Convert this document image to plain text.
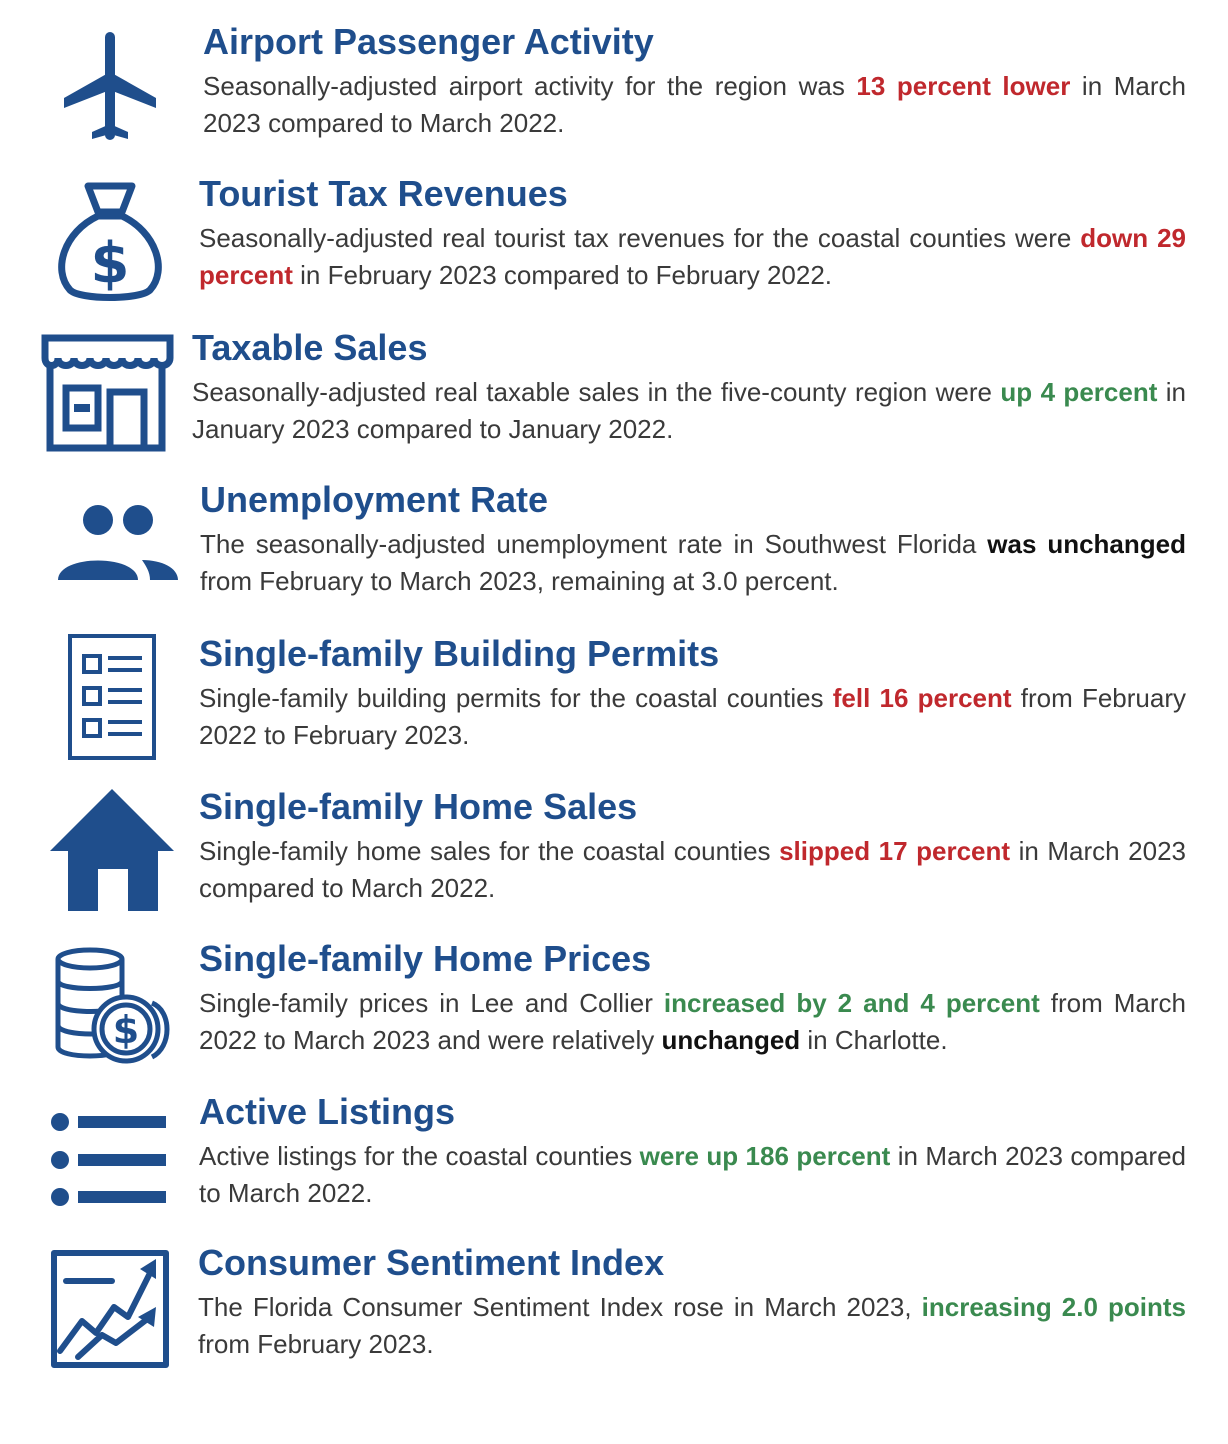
Airport Passenger Activity

Seasonally-adjusted airport activity for the region was 13 percent lower in March 2023 compared to March 2022.

$
Tourist Tax Revenues

Seasonally-adjusted real tourist tax revenues for the coastal counties were down 29 percent in February 2023 compared to February 2022.

Taxable Sales

Seasonally-adjusted real taxable sales in the five-county region were up 4 percent in January 2023 compared to January 2022.

Unemployment Rate

The seasonally-adjusted unemployment rate in Southwest Florida was unchanged from February to March 2023, remaining at 3.0 percent.

Single-family Building Permits

Single-family building permits for the coastal counties fell 16 percent from February 2022 to February 2023.

Single-family Home Sales

Single-family home sales for the coastal counties slipped 17 percent in March 2023 compared to March 2022.

$
Single-family Home Prices

Single-family prices in Lee and Collier increased by 2 and 4 percent from March 2022 to March 2023 and were relatively unchanged in Charlotte.

Active Listings

Active listings for the coastal counties were up 186 percent in March 2023 compared to March 2022.

Consumer Sentiment Index

The Florida Consumer Sentiment Index rose in March 2023, increasing 2.0 points from February 2023.
